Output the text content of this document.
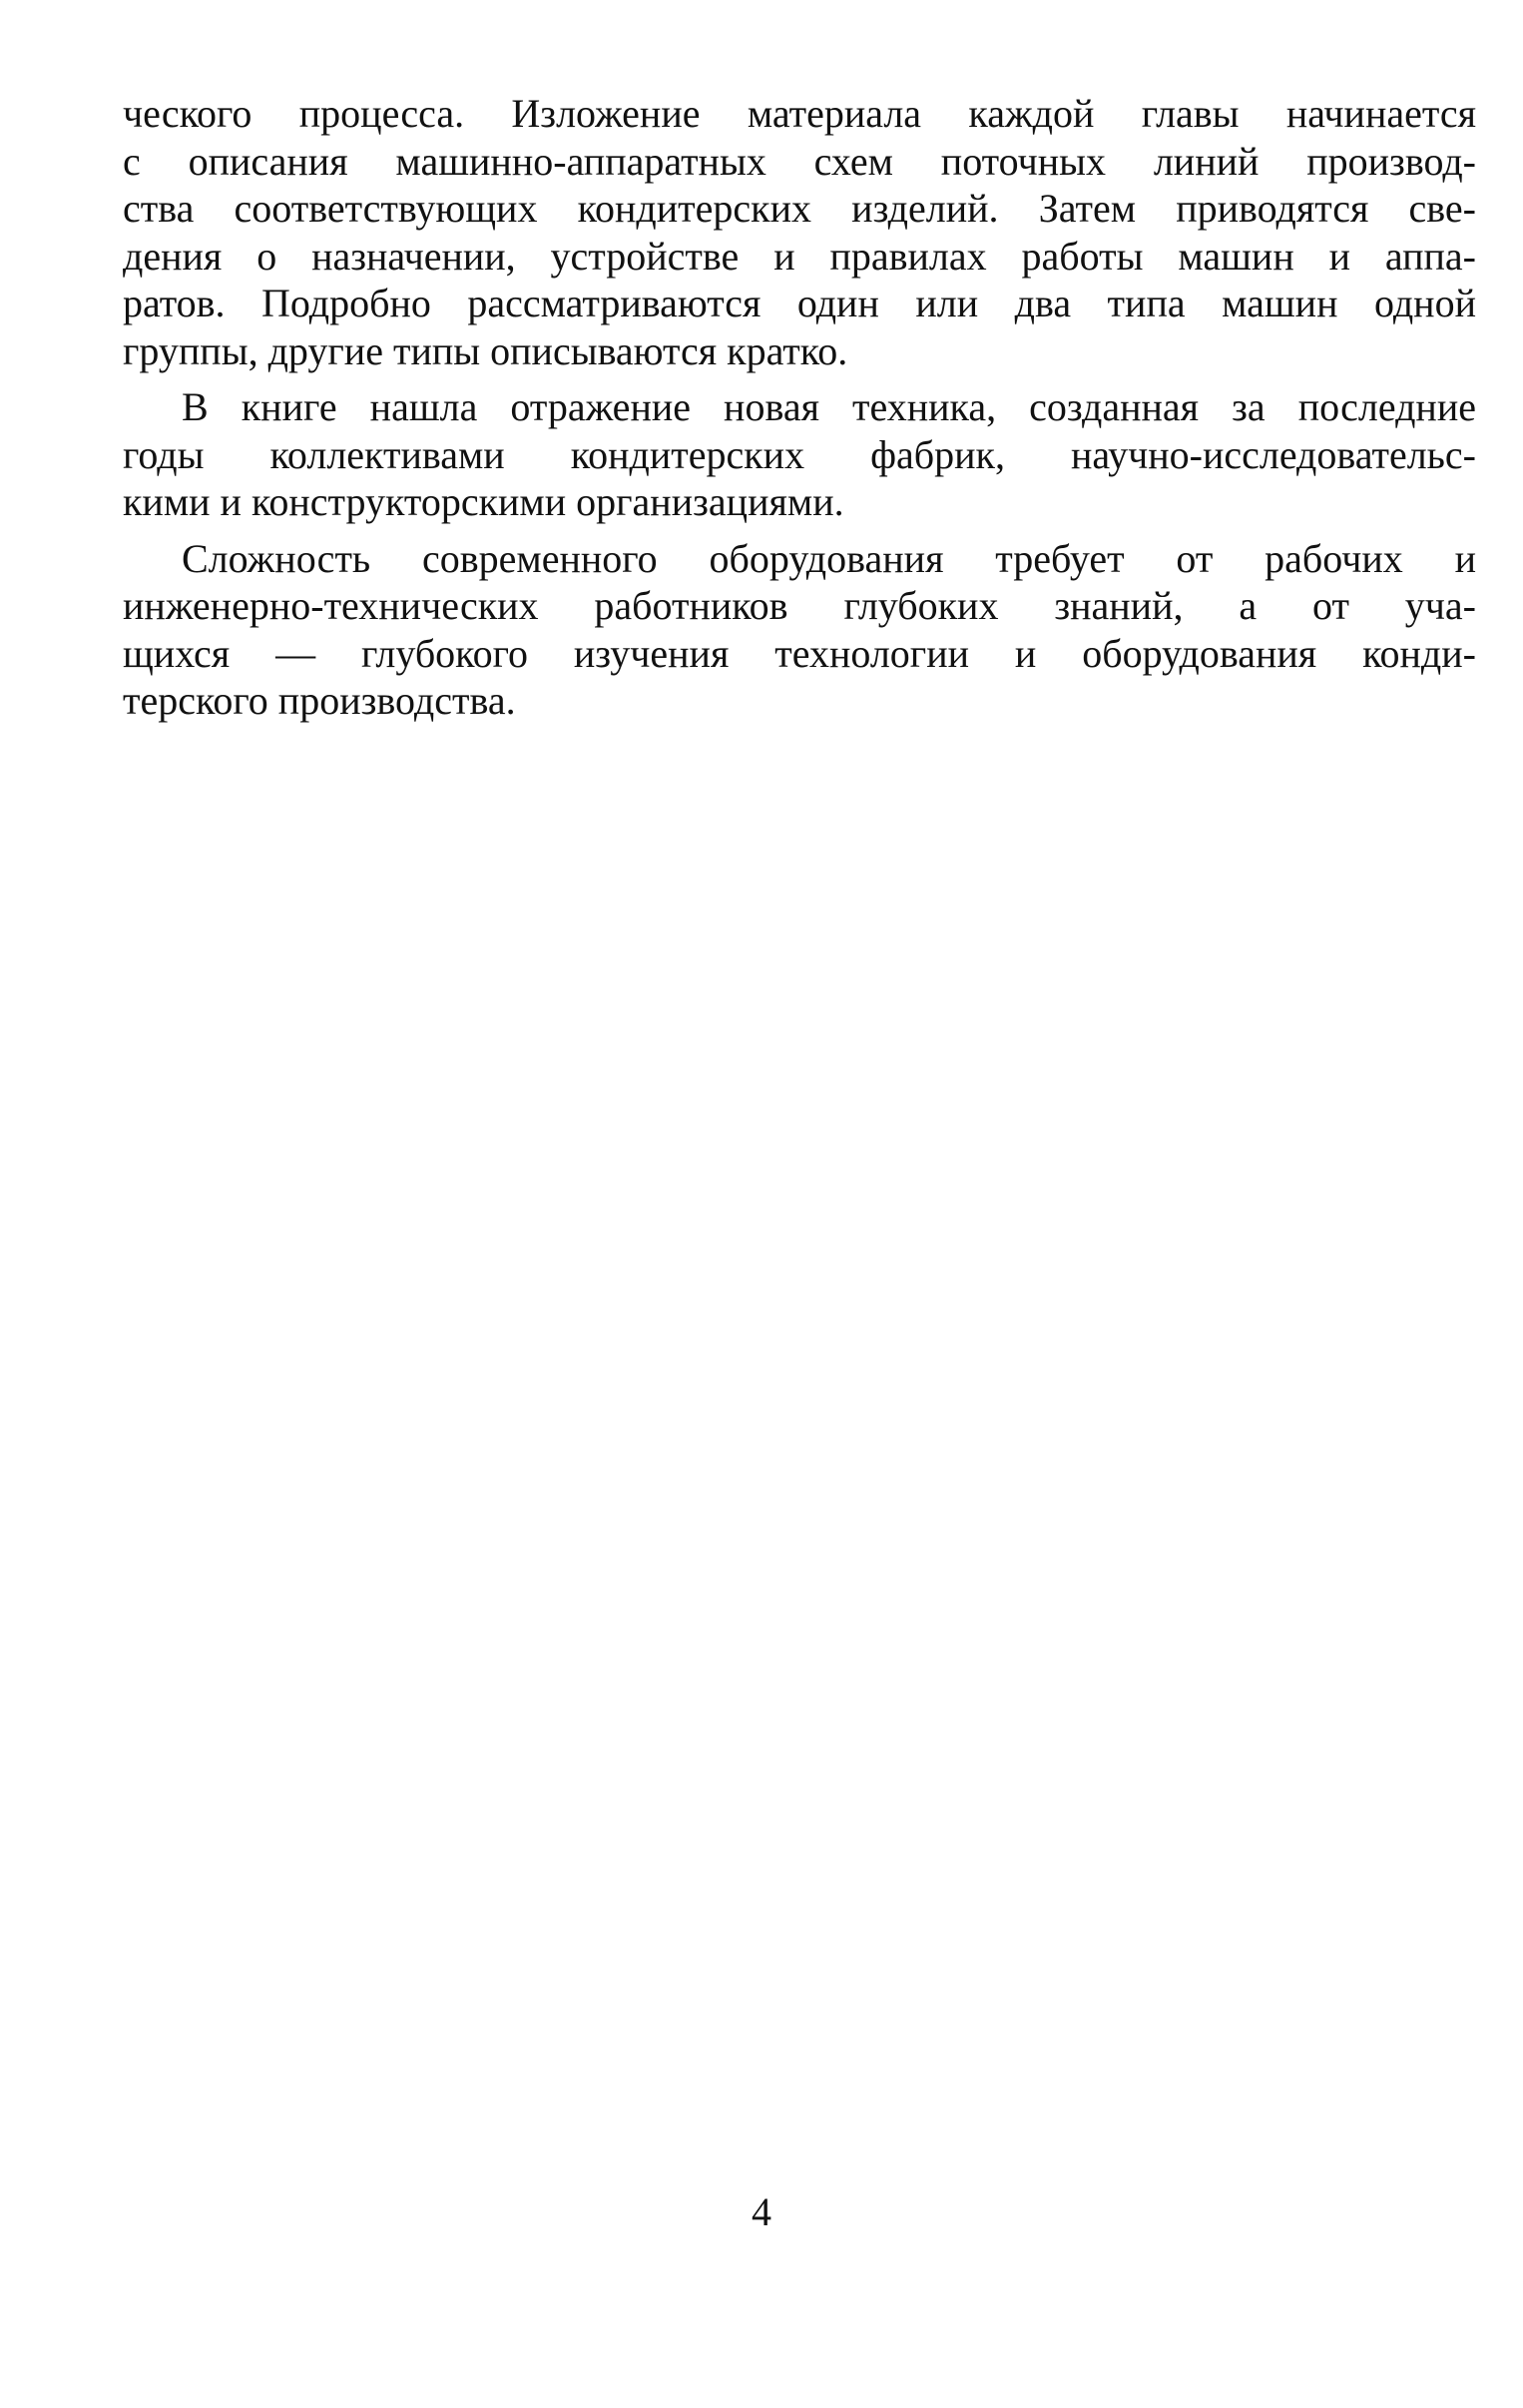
ческого процесса. Изложение материала каждой главы начинается
с описания машинно-аппаратных схем поточных линий производ-
ства соответствующих кондитерских изделий. Затем приводятся све-
дения о назначении, устройстве и правилах работы машин и аппа-
ратов. Подробно рассматриваются один или два типа машин одной
группы, другие типы описываются кратко.

В книге нашла отражение новая техника, созданная за последние
годы коллективами кондитерских фабрик, научно-исследовательс-
кими и конструкторскими организациями.

Сложность современного оборудования требует от рабочих и
инженерно-технических работников глубоких знаний, а от уча-
щихся — глубокого изучения технологии и оборудования конди-
терского производства.

4
